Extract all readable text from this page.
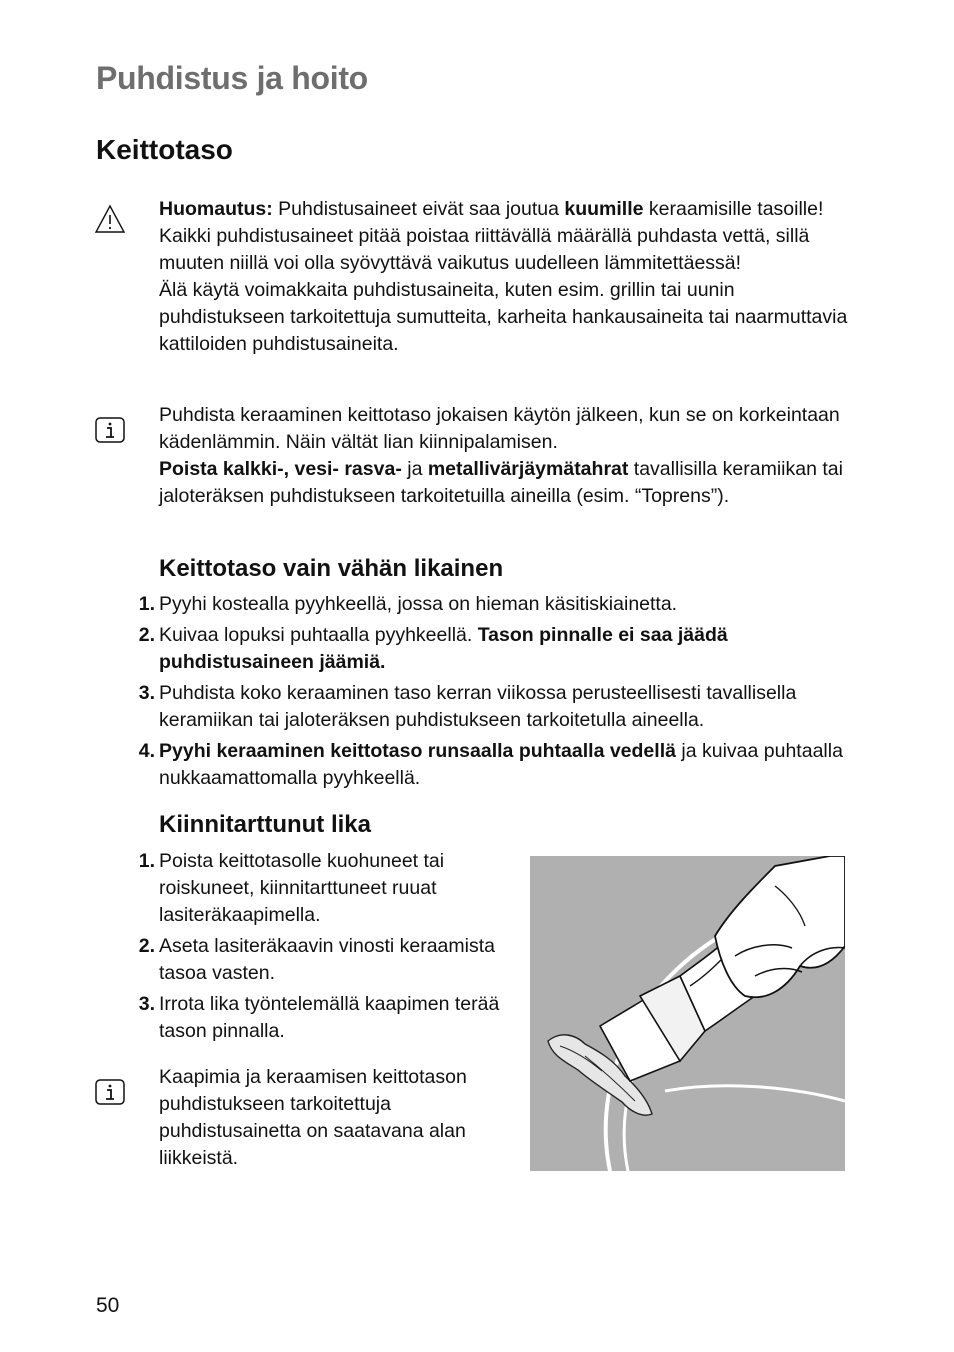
Puhdistus ja hoito
Keittotaso
Huomautus: Puhdistusaineet eivät saa joutua kuumille keraamisille tasoille! Kaikki puhdistusaineet pitää poistaa riittävällä määrällä puhdasta vettä, sillä muuten niillä voi olla syövyttävä vaikutus uudelleen lämmitettäessä!
Älä käytä voimakkaita puhdistusaineita, kuten esim. grillin tai uunin puhdistukseen tarkoitettuja sumutteita, karheita hankausaineita tai naarmuttavia kattiloiden puhdistusaineita.
Puhdista keraaminen keittotaso jokaisen käytön jälkeen, kun se on korkeintaan kädenlämmin. Näin vältät lian kiinnipalamisen.
Poista kalkki-, vesi- rasva- ja metallivärjäymätahrat tavallisilla keramiikan tai jaloteräksen puhdistukseen tarkoitetuilla aineilla (esim. “Toprens”).
Keittotaso vain vähän likainen
1. Pyyhi kostealla pyyhkeellä, jossa on hieman käsitiskiainetta.
2. Kuivaa lopuksi puhtaalla pyyhkeellä. Tason pinnalle ei saa jäädä puhdistusaineen jäämiä.
3. Puhdista koko keraaminen taso kerran viikossa perusteellisesti tavallisella keramiikan tai jaloteräksen puhdistukseen tarkoitetulla aineella.
4. Pyyhi keraaminen keittotaso runsaalla puhtaalla vedellä ja kuivaa puhtaalla nukkaamattomalla pyyhkeellä.
Kiinnitarttunut lika
1. Poista keittotasolle kuohuneet tai roiskuneet, kiinnitarttuneet ruuat lasiteräkaapimella.
2. Aseta lasiteräkaavin vinosti keraamista tasoa vasten.
3. Irrota lika työntelemällä kaapimen terää tason pinnalla.
Kaapimia ja keraamisen keittotason puhdistukseen tarkoitettuja puhdistusainetta on saatavana alan liikkeistä.
50
